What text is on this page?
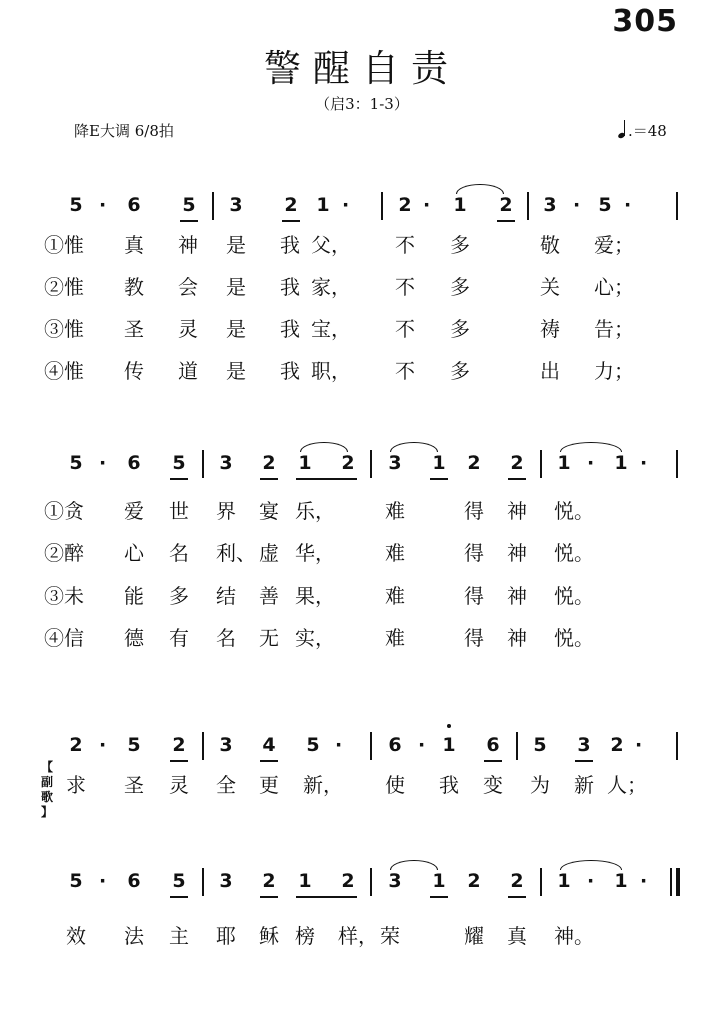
305
警醒自责
（启3：1-3）
降E大调 6/8拍	.＝48
5 · 6 5 3 2 1 ·	2 · 1 2 3 · 5 ·
①惟 真 神 是 我 父， 不 多	敬 爱；
②惟 教 会 是 我 家， 不 多	关 心；
③惟 圣 灵 是 我 宝， 不 多	祷 告；
④惟 传 道 是 我 职， 不 多	出 力；
5 · 6 5 3 2 1 2 3 1 2 2 1 · 1 ·
①贪 爱 世 界 宴 乐，	难	得 神 悦。
②醉 心 名 利、 虚 华，	难	得 神 悦。
③未 能 多 结 善 果，	难	得 神 悦。
④信 德 有 名 无 实，	难	得 神 悦。
2 · 5 2 3 4 5 · 6 · 1 6 5 3 2 ·
【
副
歌
】
求 圣 灵 全 更 新， 使 我 变 为 新 人；
5 · 6 5 3 2 1 2 3 1 2 2 1 · 1 ·
效 法 主 耶 稣 榜 样， 荣	耀 真 神。
